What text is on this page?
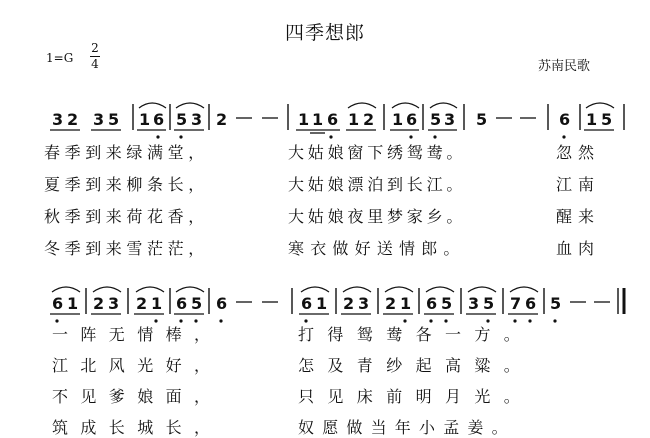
四季想郎
1=G
2
4	苏南民歌
3 2 3 5 1 6 5 3 2	1 1 6 1 2 1 6 5 3 5	6 1 5
6 1 2 3 2 1 6 5 6	6 1 2 3 2 1 6 5 3 5 7 6 5
春季到来绿满堂，	大姑娘窗下绣鸳鸯。	忽然
夏季到来柳条长，	大姑娘漂泊到长江。	江南
秋季到来荷花香，	大姑娘夜里梦家乡。	醒来
冬季到来雪茫茫，	寒衣做好送情郎。	血肉
一阵无情棒，	打得鸳鸯各一方。
江北风光好，	怎及青纱起高粱。
不见爹娘面，	只见床前明月光。
筑成长城长，	奴愿做当年小孟姜。
